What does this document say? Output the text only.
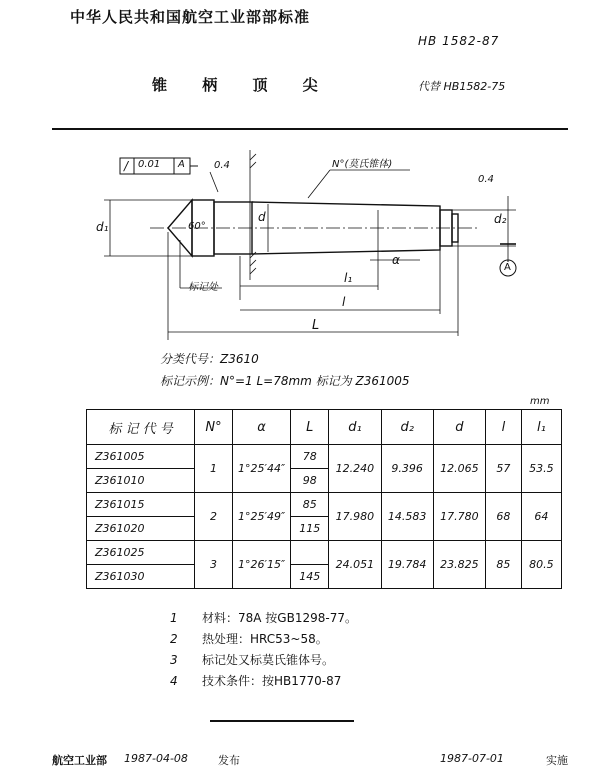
中华人民共和国航空工业部部标准
HB 1582-87
锥 柄 顶 尖	代替 HB1582-75
/ 0.01 A	0.4
0.4
N°(莫氏锥体)
60°
d₁
d	d₂
α
l₁
l
L
标记处
A
分类代号：Z3610
标记示例：N°=1 L=78mm 标记为 Z361005
mm
标 记 代 号	N°	α	L	d₁	d₂	d	l	l₁
Z361005	1	1°25′44″	78	12.240	9.396	12.065	57	53.5
Z361010			98					
Z361015	2	1°25′49″	85	17.980	14.583	17.780	68	64
Z361020			115					
Z361025	3	1°26′15″		24.051	19.784	23.825	85	80.5
Z361030			145					
1 材料：78A 按GB1298-77。
2 热处理：HRC53~58。
3 标记处又标莫氏锥体号。
4 技术条件：按HB1770-87
航空工业部 1987-04-08	发布	1987-07-01	实施
